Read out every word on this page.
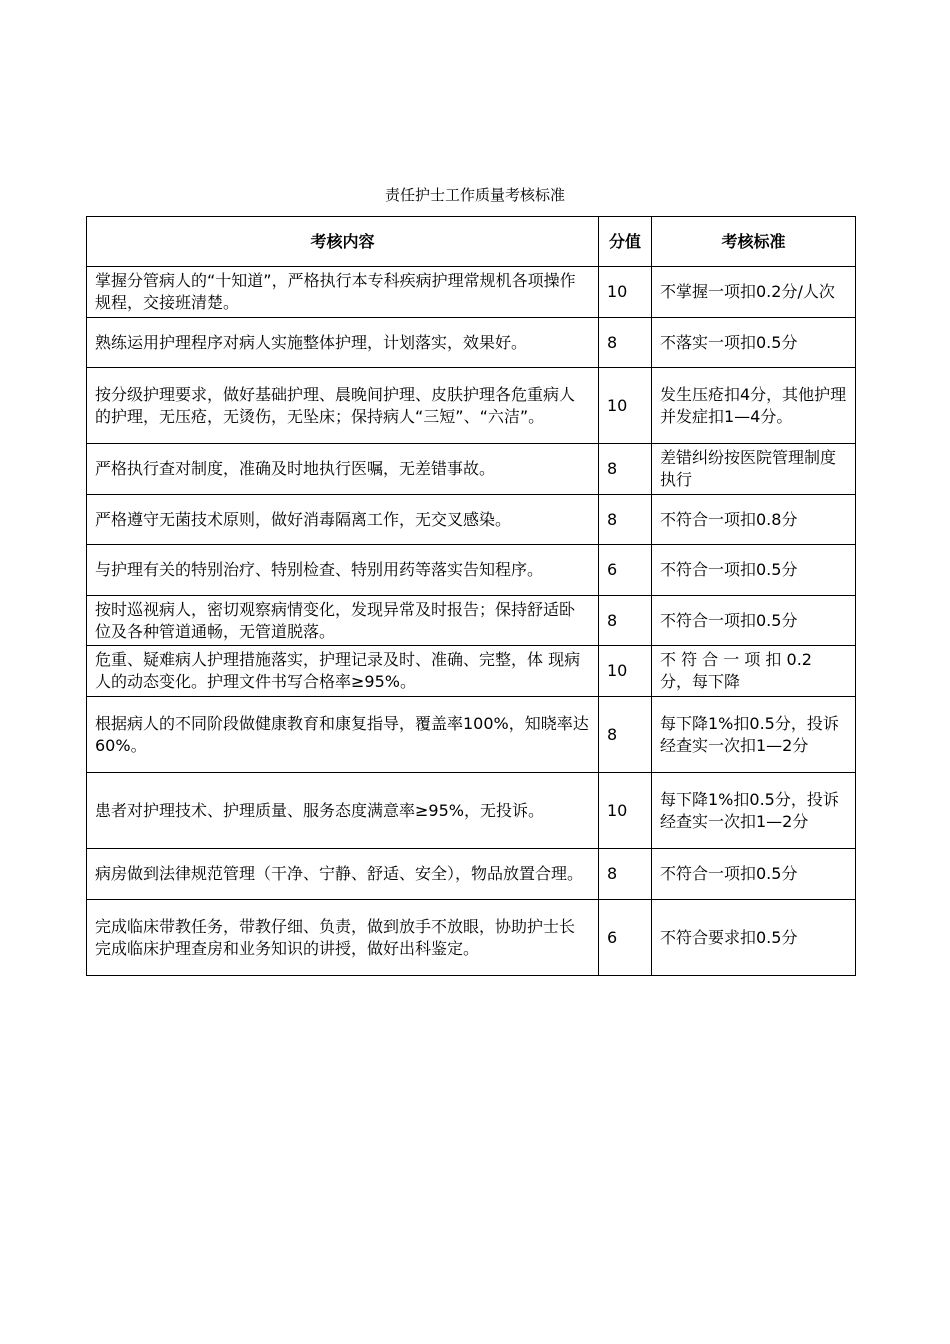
责任护士工作质量考核标准
考核内容	分值	考核标准
掌握分管病人的“十知道”，严格执行本专科疾病护理常规机各项操作规程，交接班清楚。	10	不掌握一项扣0.2分/人次
熟练运用护理程序对病人实施整体护理，计划落实，效果好。	8	不落实一项扣0.5分
按分级护理要求，做好基础护理、晨晚间护理、皮肤护理各危重病人的护理，无压疮，无烫伤，无坠床；保持病人“三短”、“六洁”。	10	发生压疮扣4分，其他护理并发症扣1—4分。
严格执行查对制度，准确及时地执行医嘱，无差错事故。	8	差错纠纷按医院管理制度执行
严格遵守无菌技术原则，做好消毒隔离工作，无交叉感染。	8	不符合一项扣0.8分
与护理有关的特别治疗、特别检查、特别用药等落实告知程序。	6	不符合一项扣0.5分
按时巡视病人，密切观察病情变化，发现异常及时报告；保持舒适卧位及各种管道通畅，无管道脱落。	8	不符合一项扣0.5分
危重、疑难病人护理措施落实，护理记录及时、准确、完整，体 现病人的动态变化。护理文件书写合格率≥95%。	10	不 符 合 一 项 扣 0.2 分，每下降
根据病人的不同阶段做健康教育和康复指导，覆盖率100%，知晓率达60%。	8	每下降1%扣0.5分，投诉经查实一次扣1—2分
患者对护理技术、护理质量、服务态度满意率≥95%，无投诉。	10	每下降1%扣0.5分，投诉经查实一次扣1—2分
病房做到法律规范管理（干净、宁静、舒适、安全），物品放置合理。	8	不符合一项扣0.5分
完成临床带教任务，带教仔细、负责，做到放手不放眼，协助护士长完成临床护理查房和业务知识的讲授，做好出科鉴定。	6	不符合要求扣0.5分
